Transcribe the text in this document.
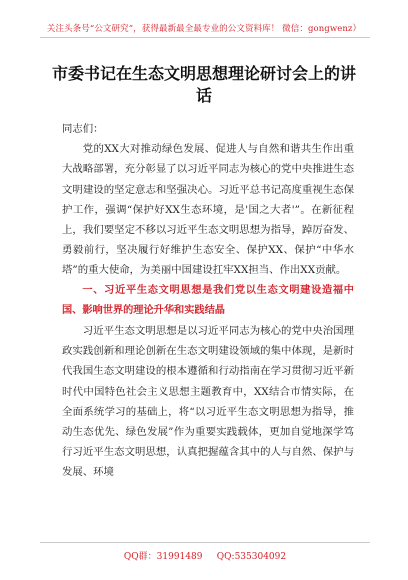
关注头条号“公文研究”，获得最新最全最专业的公文资料库！ 微信：gongwenz）
市委书记在生态文明思想理论研讨会上的讲话

同志们：

党的XX大对推动绿色发展、促进人与自然和谐共生作出重大战略部署，充分彰显了以习近平同志为核心的党中央推进生态文明建设的坚定意志和坚强决心。习近平总书记高度重视生态保护工作，强调“保护好XX生态环境，是'国之大者'”。在新征程上，我们要坚定不移以习近平生态文明思想为指导，踔厉奋发、勇毅前行，坚决履行好维护生态安全、保护XX、保护“中华水塔”的重大使命，为美丽中国建设扛牢XX担当、作出XX贡献。

一、习近平生态文明思想是我们党以生态文明建设造福中国、影响世界的理论升华和实践结晶

习近平生态文明思想是以习近平同志为核心的党中央治国理政实践创新和理论创新在生态文明建设领域的集中体现，是新时代我国生态文明建设的根本遵循和行动指南在学习贯彻习近平新时代中国特色社会主义思想主题教育中，XX结合市情实际，在全面系统学习的基础上，将“以习近平生态文明思想为指导，推动生态优先、绿色发展”作为重要实践载体，更加自觉地深学笃行习近平生态文明思想，认真把握蕴含其中的人与自然、保护与发展、环境

QQ群：31991489 QQ:535304092
